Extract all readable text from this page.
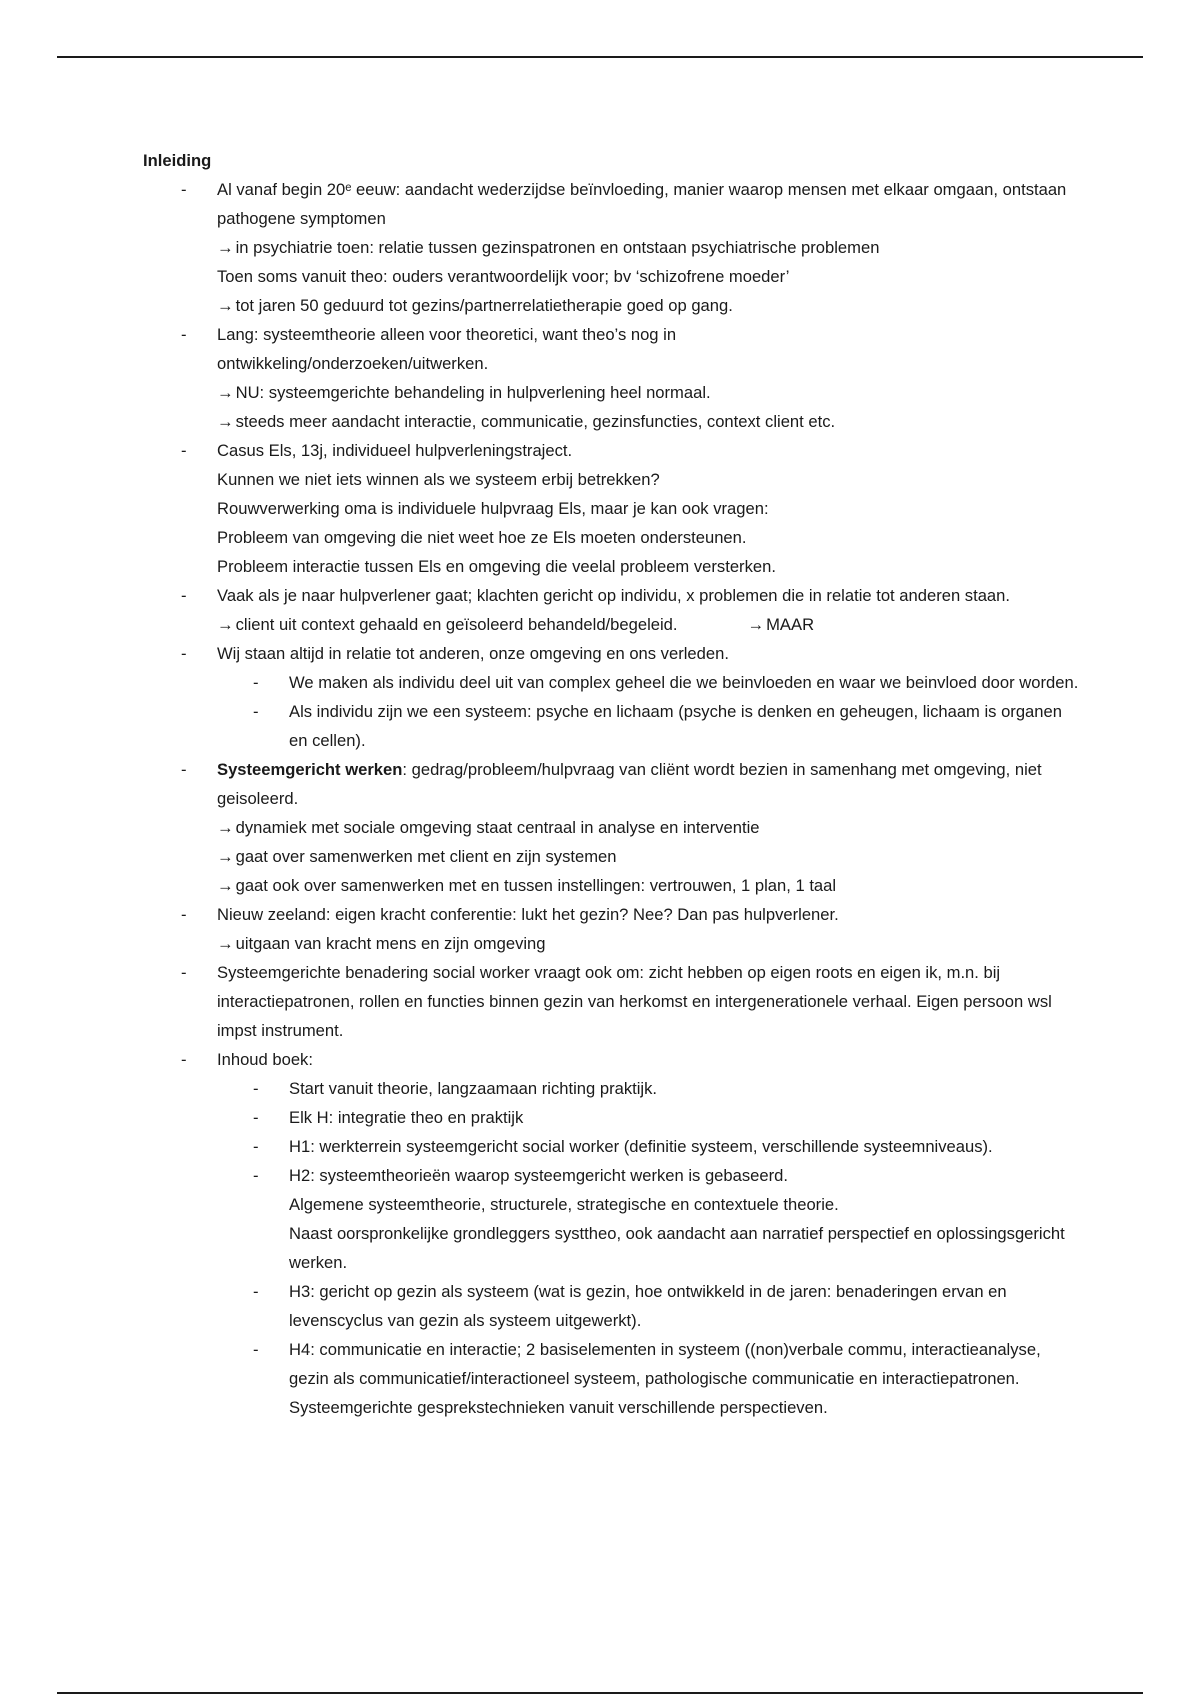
Inleiding
- Al vanaf begin 20ᵉ eeuw: aandacht wederzijdse beïnvloeding, manier waarop mensen met elkaar omgaan, ontstaan pathogene symptomen
→ in psychiatrie toen: relatie tussen gezinspatronen en ontstaan psychiatrische problemen
Toen soms vanuit theo: ouders verantwoordelijk voor; bv ‘schizofrene moeder’
→ tot jaren 50 geduurd tot gezins/partnerrelatietherapie goed op gang.
- Lang: systeemtheorie alleen voor theoretici, want theo’s nog in ontwikkeling/onderzoeken/uitwerken.
→ NU: systeemgerichte behandeling in hulpverlening heel normaal.
→ steeds meer aandacht interactie, communicatie, gezinsfuncties, context client etc.
- Casus Els, 13j, individueel hulpverleningstraject.
Kunnen we niet iets winnen als we systeem erbij betrekken?
Rouwverwerking oma is individuele hulpvraag Els, maar je kan ook vragen:
Probleem van omgeving die niet weet hoe ze Els moeten ondersteunen.
Probleem interactie tussen Els en omgeving die veelal probleem versterken.
- Vaak als je naar hulpverlener gaat; klachten gericht op individu, x problemen die in relatie tot anderen staan.
→ client uit context gehaald en geïsoleerd behandeld/begeleid.	→ MAAR
- Wij staan altijd in relatie tot anderen, onze omgeving en ons verleden.
- We maken als individu deel uit van complex geheel die we beinvloeden en waar we beinvloed door worden.
- Als individu zijn we een systeem: psyche en lichaam (psyche is denken en geheugen, lichaam is organen en cellen).
- Systeemgericht werken: gedrag/probleem/hulpvraag van cliënt wordt bezien in samenhang met omgeving, niet geisoleerd.
→ dynamiek met sociale omgeving staat centraal in analyse en interventie
→ gaat over samenwerken met client en zijn systemen
→ gaat ook over samenwerken met en tussen instellingen: vertrouwen, 1 plan, 1 taal
- Nieuw zeeland: eigen kracht conferentie: lukt het gezin? Nee? Dan pas hulpverlener.
→ uitgaan van kracht mens en zijn omgeving
- Systeemgerichte benadering social worker vraagt ook om: zicht hebben op eigen roots en eigen ik, m.n. bij interactiepatronen, rollen en functies binnen gezin van herkomst en intergenerationele verhaal. Eigen persoon wsl impst instrument.
- Inhoud boek:
- Start vanuit theorie, langzaamaan richting praktijk.
- Elk H: integratie theo en praktijk
- H1: werkterrein systeemgericht social worker (definitie systeem, verschillende systeemniveaus).
- H2: systeemtheorieën waarop systeemgericht werken is gebaseerd.
Algemene systeemtheorie, structurele, strategische en contextuele theorie.
Naast oorspronkelijke grondleggers systtheo, ook aandacht aan narratief perspectief en oplossingsgericht werken.
- H3: gericht op gezin als systeem (wat is gezin, hoe ontwikkeld in de jaren: benaderingen ervan en levenscyclus van gezin als systeem uitgewerkt).
- H4: communicatie en interactie; 2 basiselementen in systeem ((non)verbale commu, interactieanalyse, gezin als communicatief/interactioneel systeem, pathologische communicatie en interactiepatronen. Systeemgerichte gesprekstechnieken vanuit verschillende perspectieven.
